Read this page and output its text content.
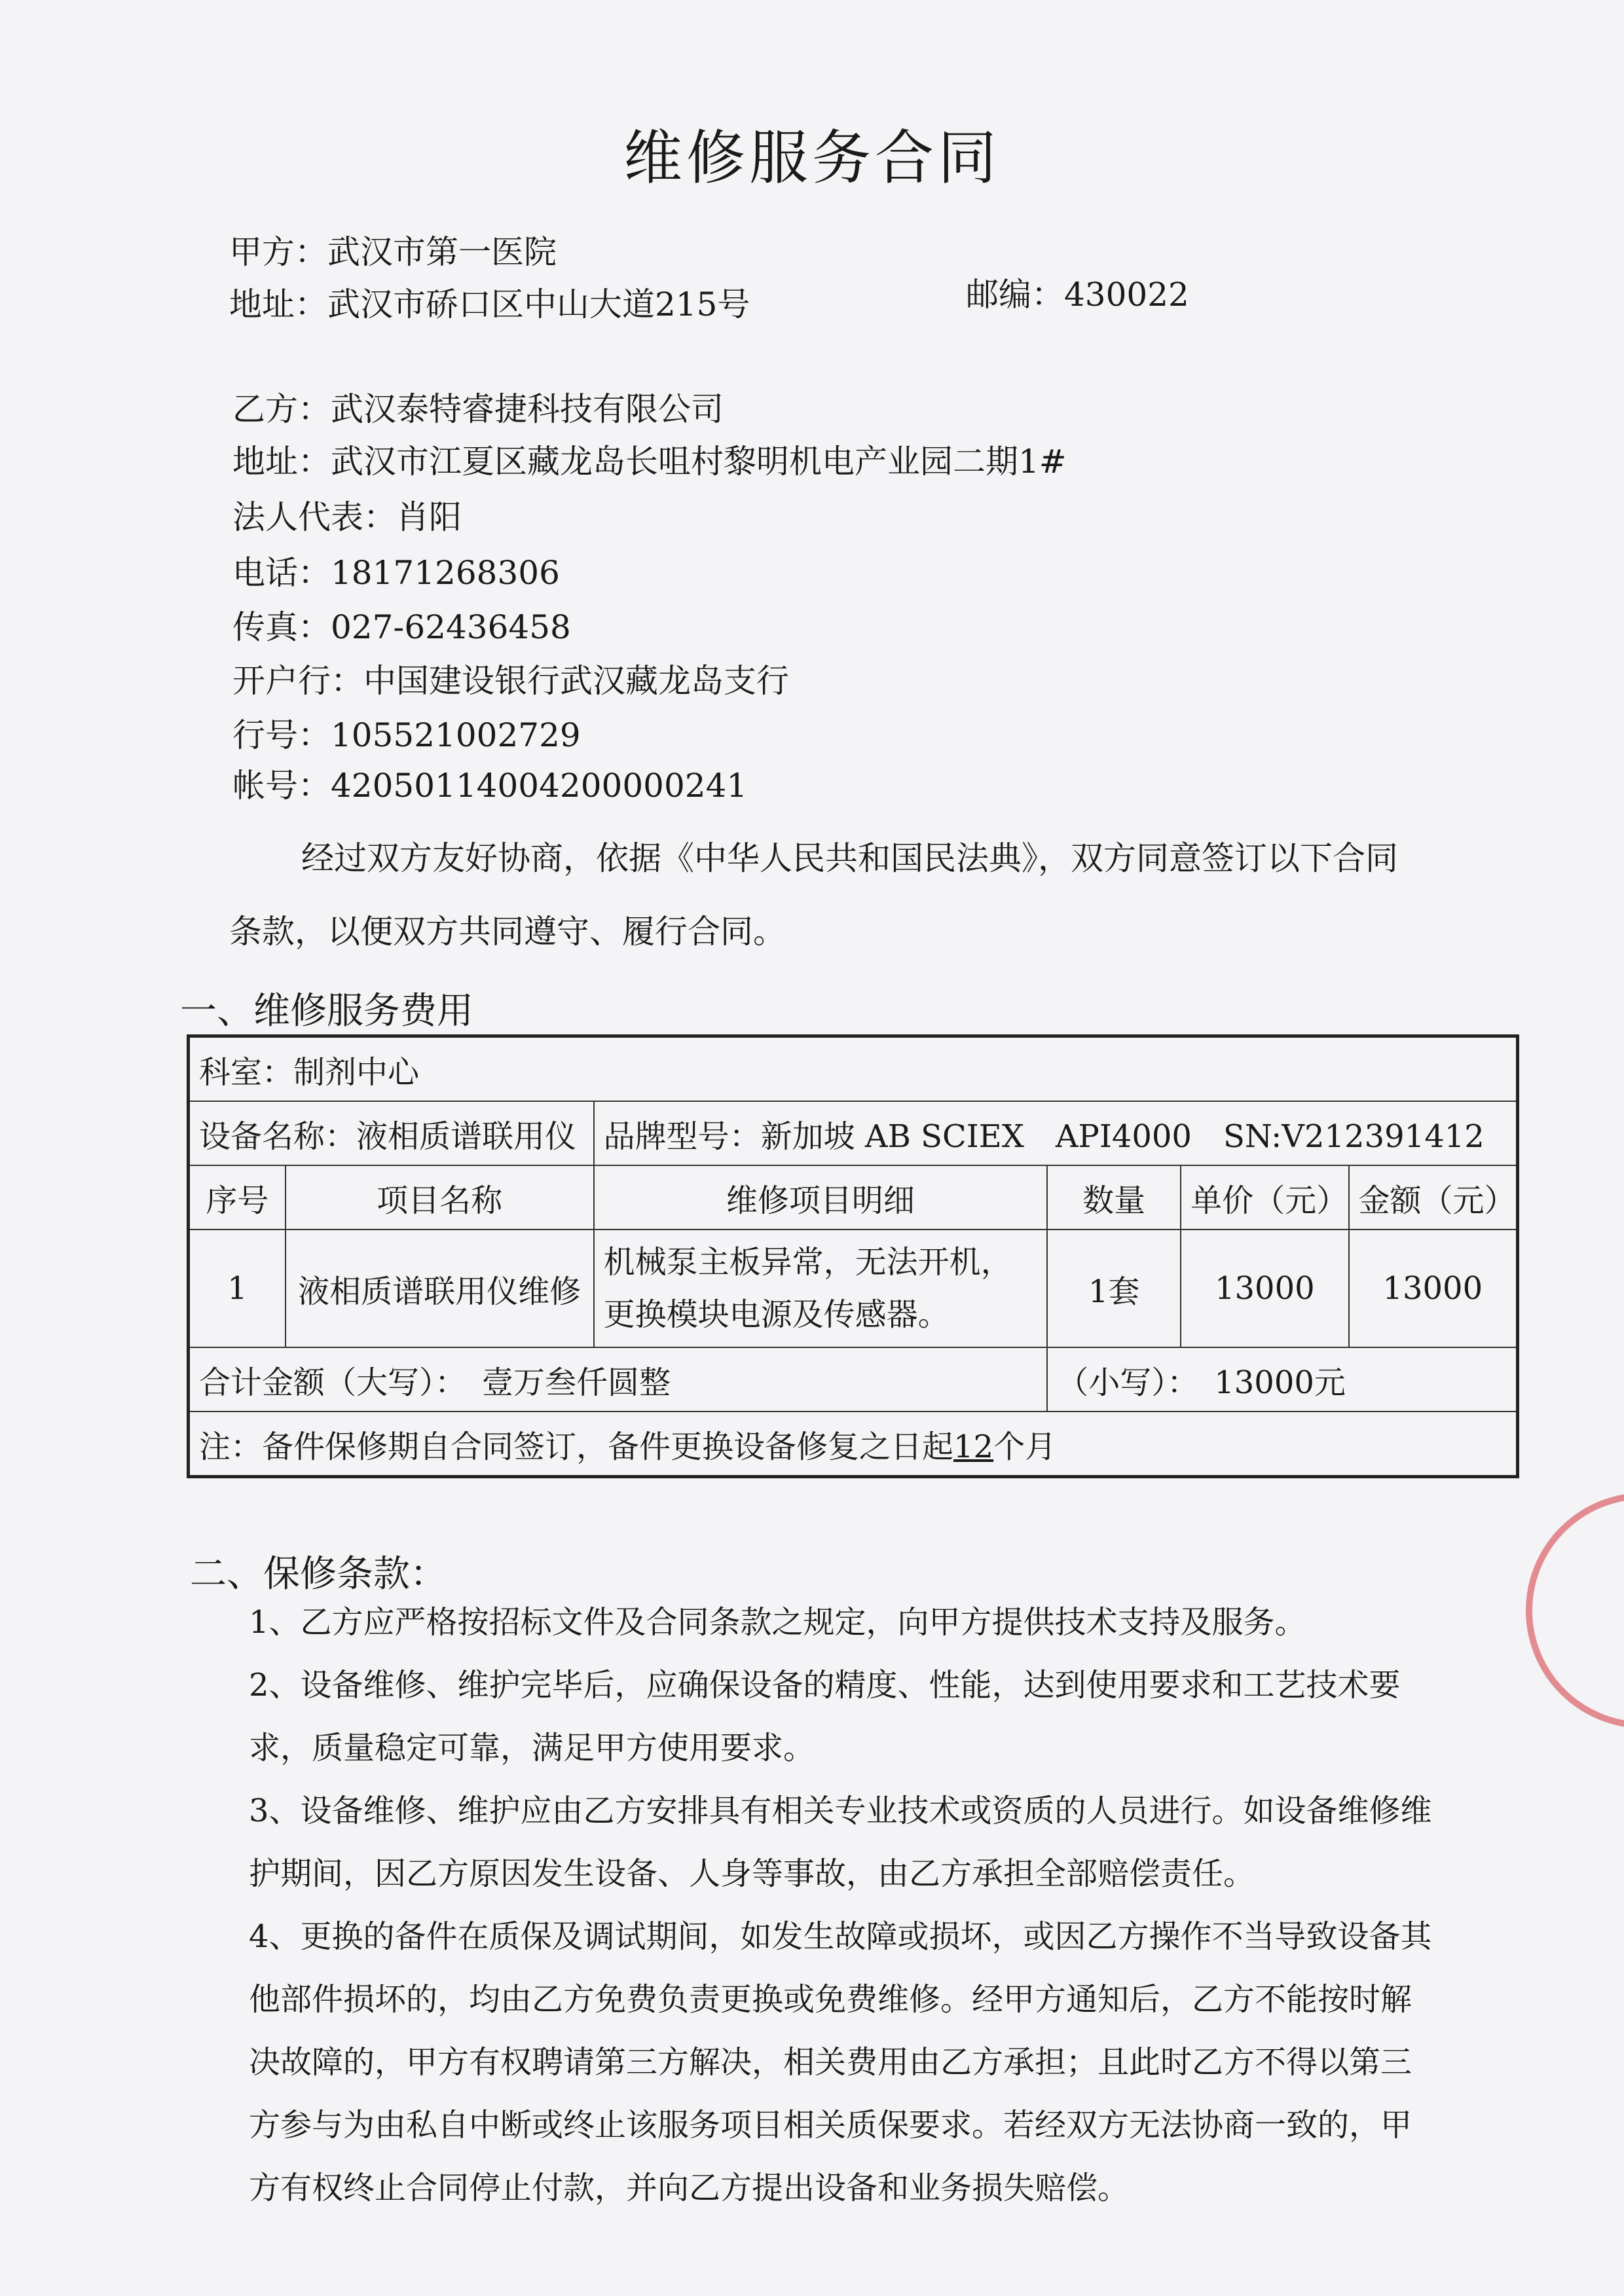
维修服务合同
甲方：武汉市第一医院
地址：武汉市硚口区中山大道215号	邮编：430022
乙方：武汉泰特睿捷科技有限公司
地址：武汉市江夏区藏龙岛长咀村黎明机电产业园二期1#
法人代表：肖阳
电话：18171268306
传真：027-62436458
开户行：中国建设银行武汉藏龙岛支行
行号：105521002729
帐号：42050114004200000241
经过双方友好协商，依据《中华人民共和国民法典》，双方同意签订以下合同条款，以便双方共同遵守、履行合同。
一、维修服务费用
科室：制剂中心					
设备名称：液相质谱联用仪		品牌型号：新加坡 AB SCIEX　API4000　SN:V212391412			
序号	项目名称	维修项目明细	数量	单价（元）	金额（元）
1	液相质谱联用仪维修	机械泵主板异常，无法开机，更换模块电源及传感器。	1套	13000	13000
合计金额（大写）：　壹万叁仟圆整			（小写）：　13000元		
注：备件保修期自合同签订，备件更换设备修复之日起12个月					
二、保修条款：

1、乙方应严格按招标文件及合同条款之规定，向甲方提供技术支持及服务。

2、设备维修、维护完毕后，应确保设备的精度、性能，达到使用要求和工艺技术要求，质量稳定可靠，满足甲方使用要求。

3、设备维修、维护应由乙方安排具有相关专业技术或资质的人员进行。如设备维修维护期间，因乙方原因发生设备、人身等事故，由乙方承担全部赔偿责任。

4、更换的备件在质保及调试期间，如发生故障或损坏，或因乙方操作不当导致设备其他部件损坏的，均由乙方免费负责更换或免费维修。经甲方通知后，乙方不能按时解决故障的，甲方有权聘请第三方解决，相关费用由乙方承担；且此时乙方不得以第三方参与为由私自中断或终止该服务项目相关质保要求。若经双方无法协商一致的，甲方有权终止合同停止付款，并向乙方提出设备和业务损失赔偿。
